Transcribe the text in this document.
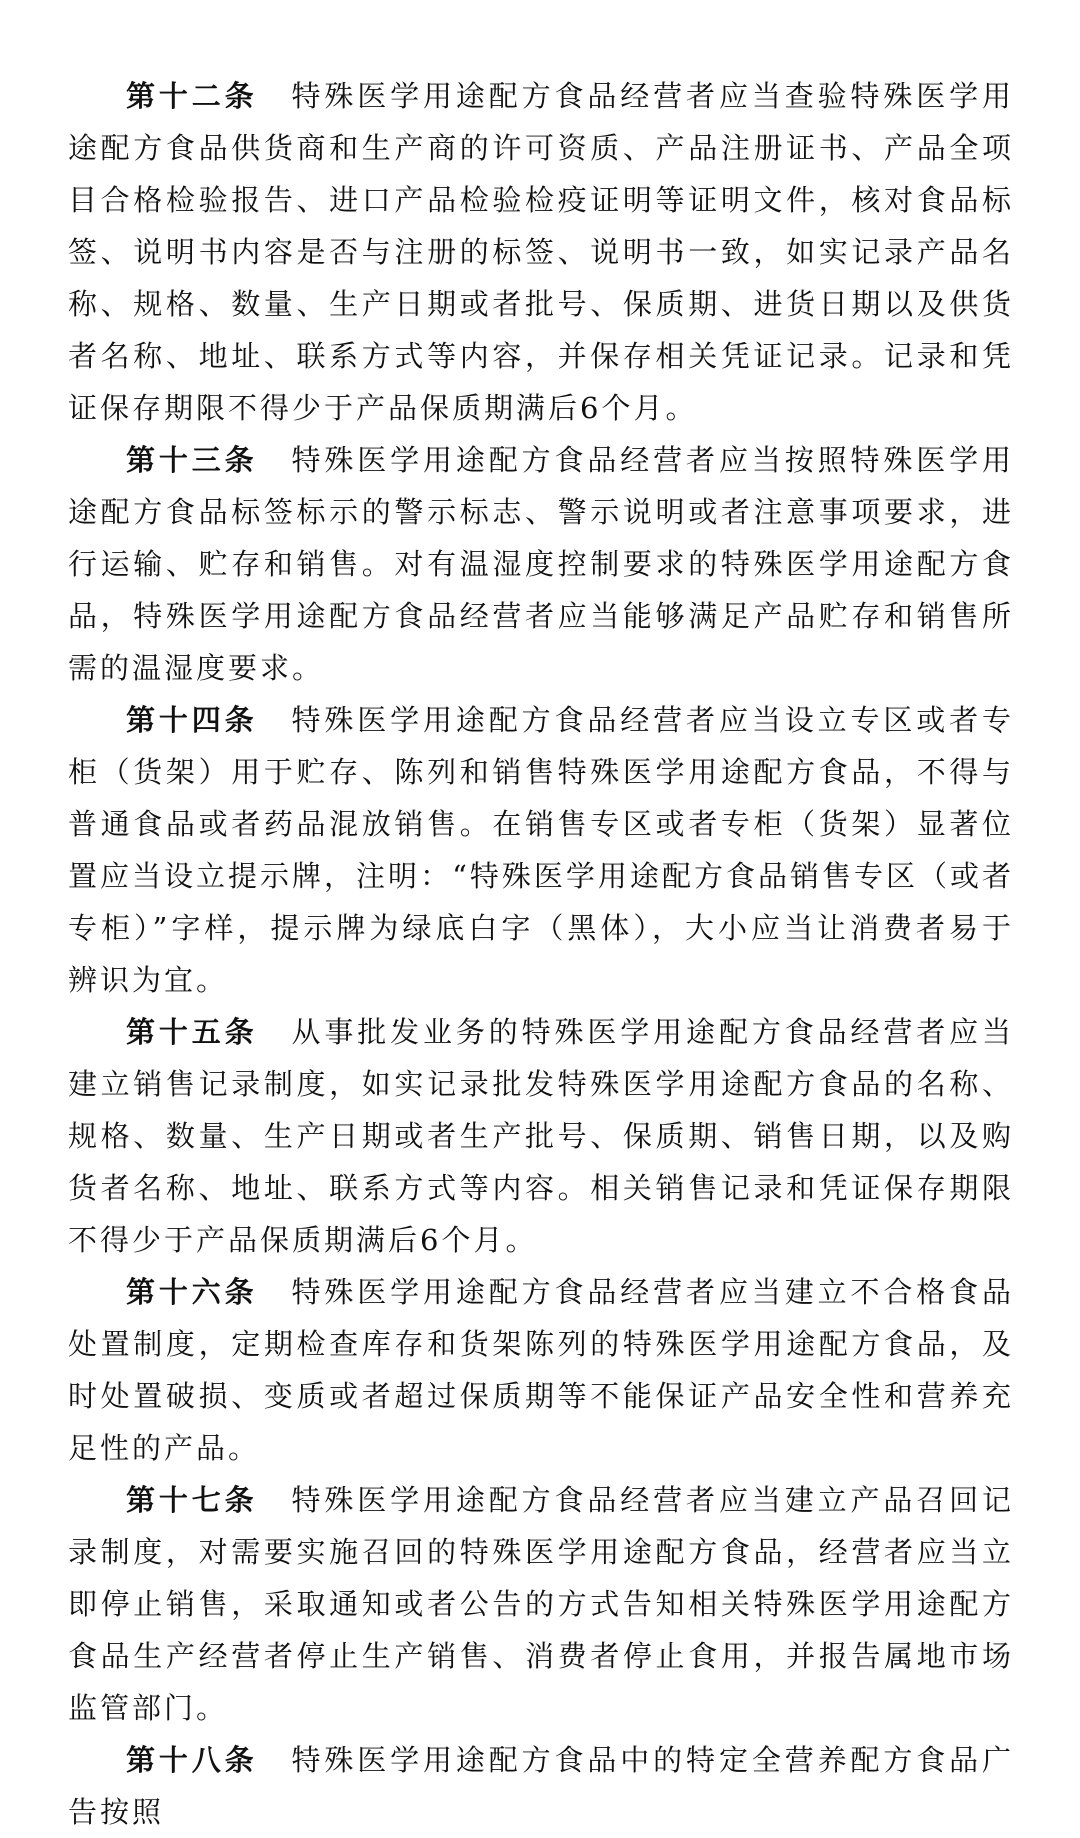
第十二条 特殊医学用途配方食品经营者应当查验特殊医学用途配方食品供货商和生产商的许可资质、产品注册证书、产品全项目合格检验报告、进口产品检验检疫证明等证明文件，核对食品标签、说明书内容是否与注册的标签、说明书一致，如实记录产品名称、规格、数量、生产日期或者批号、保质期、进货日期以及供货者名称、地址、联系方式等内容，并保存相关凭证记录。记录和凭证保存期限不得少于产品保质期满后6个月。

第十三条 特殊医学用途配方食品经营者应当按照特殊医学用途配方食品标签标示的警示标志、警示说明或者注意事项要求，进行运输、贮存和销售。对有温湿度控制要求的特殊医学用途配方食品，特殊医学用途配方食品经营者应当能够满足产品贮存和销售所需的温湿度要求。

第十四条 特殊医学用途配方食品经营者应当设立专区或者专柜（货架）用于贮存、陈列和销售特殊医学用途配方食品，不得与普通食品或者药品混放销售。在销售专区或者专柜（货架）显著位置应当设立提示牌，注明：“特殊医学用途配方食品销售专区（或者专柜）”字样，提示牌为绿底白字（黑体），大小应当让消费者易于辨识为宜。

第十五条 从事批发业务的特殊医学用途配方食品经营者应当建立销售记录制度，如实记录批发特殊医学用途配方食品的名称、规格、数量、生产日期或者生产批号、保质期、销售日期，以及购货者名称、地址、联系方式等内容。相关销售记录和凭证保存期限不得少于产品保质期满后6个月。

第十六条 特殊医学用途配方食品经营者应当建立不合格食品处置制度，定期检查库存和货架陈列的特殊医学用途配方食品，及时处置破损、变质或者超过保质期等不能保证产品安全性和营养充足性的产品。

第十七条 特殊医学用途配方食品经营者应当建立产品召回记录制度，对需要实施召回的特殊医学用途配方食品，经营者应当立即停止销售，采取通知或者公告的方式告知相关特殊医学用途配方食品生产经营者停止生产销售、消费者停止食用，并报告属地市场监管部门。

第十八条 特殊医学用途配方食品中的特定全营养配方食品广告按照
